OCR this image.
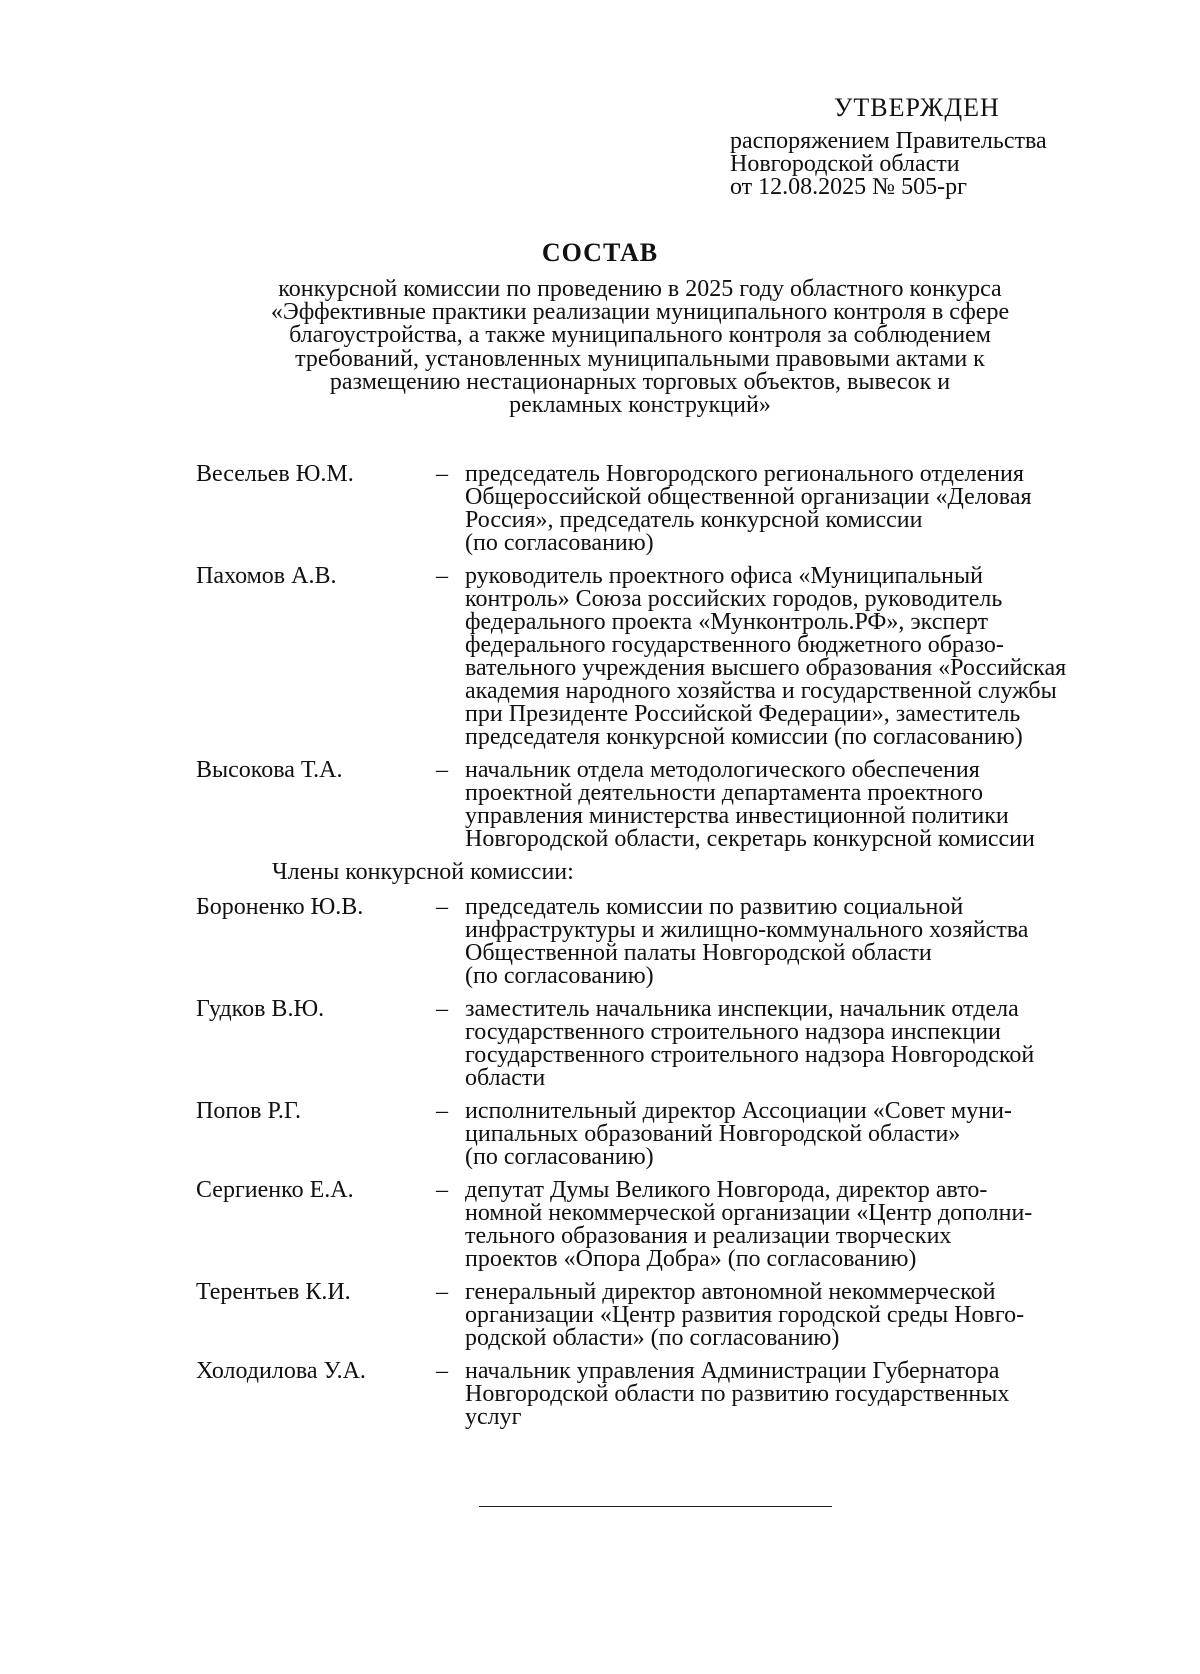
УТВЕРЖДЕН
распоряжением Правительства
Новгородской области
от 12.08.2025 № 505-рг
СОСТАВ
конкурсной комиссии по проведению в 2025 году областного конкурса
«Эффективные практики реализации муниципального контроля в сфере
благоустройства, а также муниципального контроля за соблюдением
требований, установленных муниципальными правовыми актами к
размещению нестационарных торговых объектов, вывесок и
рекламных конструкций»
Весельев Ю.М.	– председатель Новгородского регионального отделения
Общероссийской общественной организации «Деловая
Россия», председатель конкурсной комиссии
(по согласованию)
Пахомов А.В.	– руководитель проектного офиса «Муниципальный
контроль» Союза российских городов, руководитель
федерального проекта «Мунконтроль.РФ», эксперт
федерального государственного бюджетного образо-
вательного учреждения высшего образования «Российская
академия народного хозяйства и государственной службы
при Президенте Российской Федерации», заместитель
председателя конкурсной комиссии (по согласованию)
Высокова Т.А.	– начальник отдела методологического обеспечения
проектной деятельности департамента проектного
управления министерства инвестиционной политики
Новгородской области, секретарь конкурсной комиссии
Члены конкурсной комиссии:
Бороненко Ю.В.	– председатель комиссии по развитию социальной
инфраструктуры и жилищно-коммунального хозяйства
Общественной палаты Новгородской области
(по согласованию)
Гудков В.Ю.	– заместитель начальника инспекции, начальник отдела
государственного строительного надзора инспекции
государственного строительного надзора Новгородской
области
Попов Р.Г.	– исполнительный директор Ассоциации «Совет муни-
ципальных образований Новгородской области»
(по согласованию)
Сергиенко Е.А.	– депутат Думы Великого Новгорода, директор авто-
номной некоммерческой организации «Центр дополни-
тельного образования и реализации творческих
проектов «Опора Добра» (по согласованию)
Терентьев К.И.	– генеральный директор автономной некоммерческой
организации «Центр развития городской среды Новго-
родской области» (по согласованию)
Холодилова У.А.	– начальник управления Администрации Губернатора
Новгородской области по развитию государственных
услуг
